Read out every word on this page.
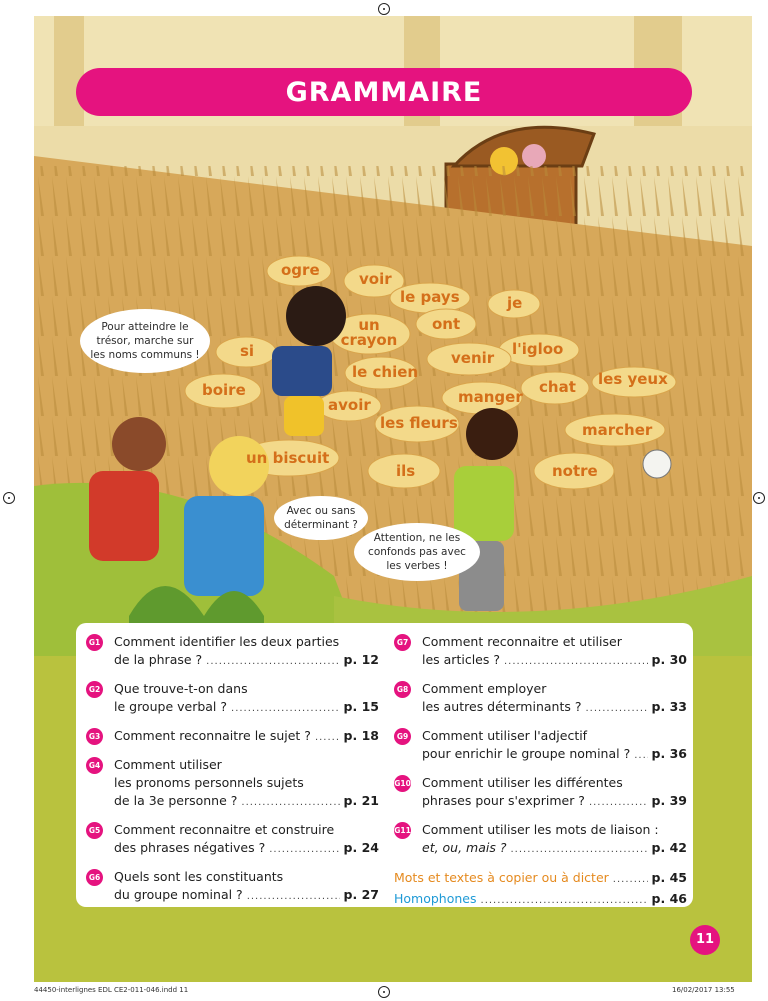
GRAMMAIRE
ogre	voir
le pays	je
un crayon
ont
si	l'igloo
venir
boire
le chien
chat les yeux
avoir	manger
les fleurs	marcher
un biscuit
ils	notre
Pour atteindre le trésor, marche sur les noms communs !
Avec ou sans déterminant ?
Attention, ne les confonds pas avec les verbes !
G1 Comment identifier les deux parties
de la phrase ? .....	p. 12
G2 Que trouve-t-on dans
le groupe verbal ? .....	p. 15
G3 Comment reconnaitre le sujet ? .....	p. 18
G4 Comment utiliser
les pronoms personnels sujets
de la 3e personne ? .....	p. 21
G5 Comment reconnaitre et construire
des phrases négatives ? .....	p. 24
G6 Quels sont les constituants
du groupe nominal ? .....	p. 27
G7 Comment reconnaitre et utiliser
les articles ? .....	p. 30
G8 Comment employer
les autres déterminants ? .....	p. 33
G9 Comment utiliser l'adjectif
pour enrichir le groupe nominal ? ..... p. 36
G10 Comment utiliser les différentes
phrases pour s'exprimer ? .....	p. 39
G11 Comment utiliser les mots de liaison :
et, ou, mais ? .....	p. 42
Mots et textes à copier ou à dicter .....	p. 45
Homophones .....	p. 46
11
44450-interlignes EDL CE2-011-046.indd 11	16/02/2017 13:55
